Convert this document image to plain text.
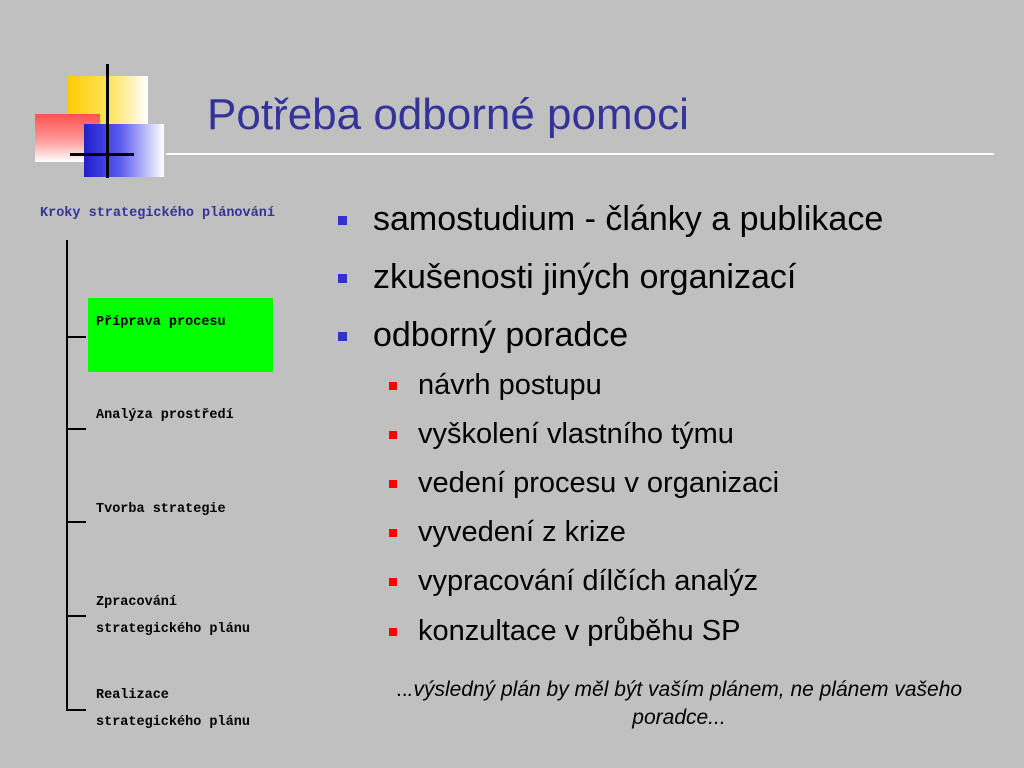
Potřeba odborné pomoci
Kroky strategického plánování
Příprava procesu
Analýza prostředí
Tvorba strategie
Zpracování
strategického plánu
Realizace
strategického plánu
samostudium - články a publikace
zkušenosti jiných organizací
odborný poradce
návrh postupu
vyškolení vlastního týmu
vedení procesu v organizaci
vyvedení z krize
vypracování dílčích analýz
konzultace v průběhu SP
...výsledný plán by měl být vaším plánem, ne plánem vašeho poradce...
